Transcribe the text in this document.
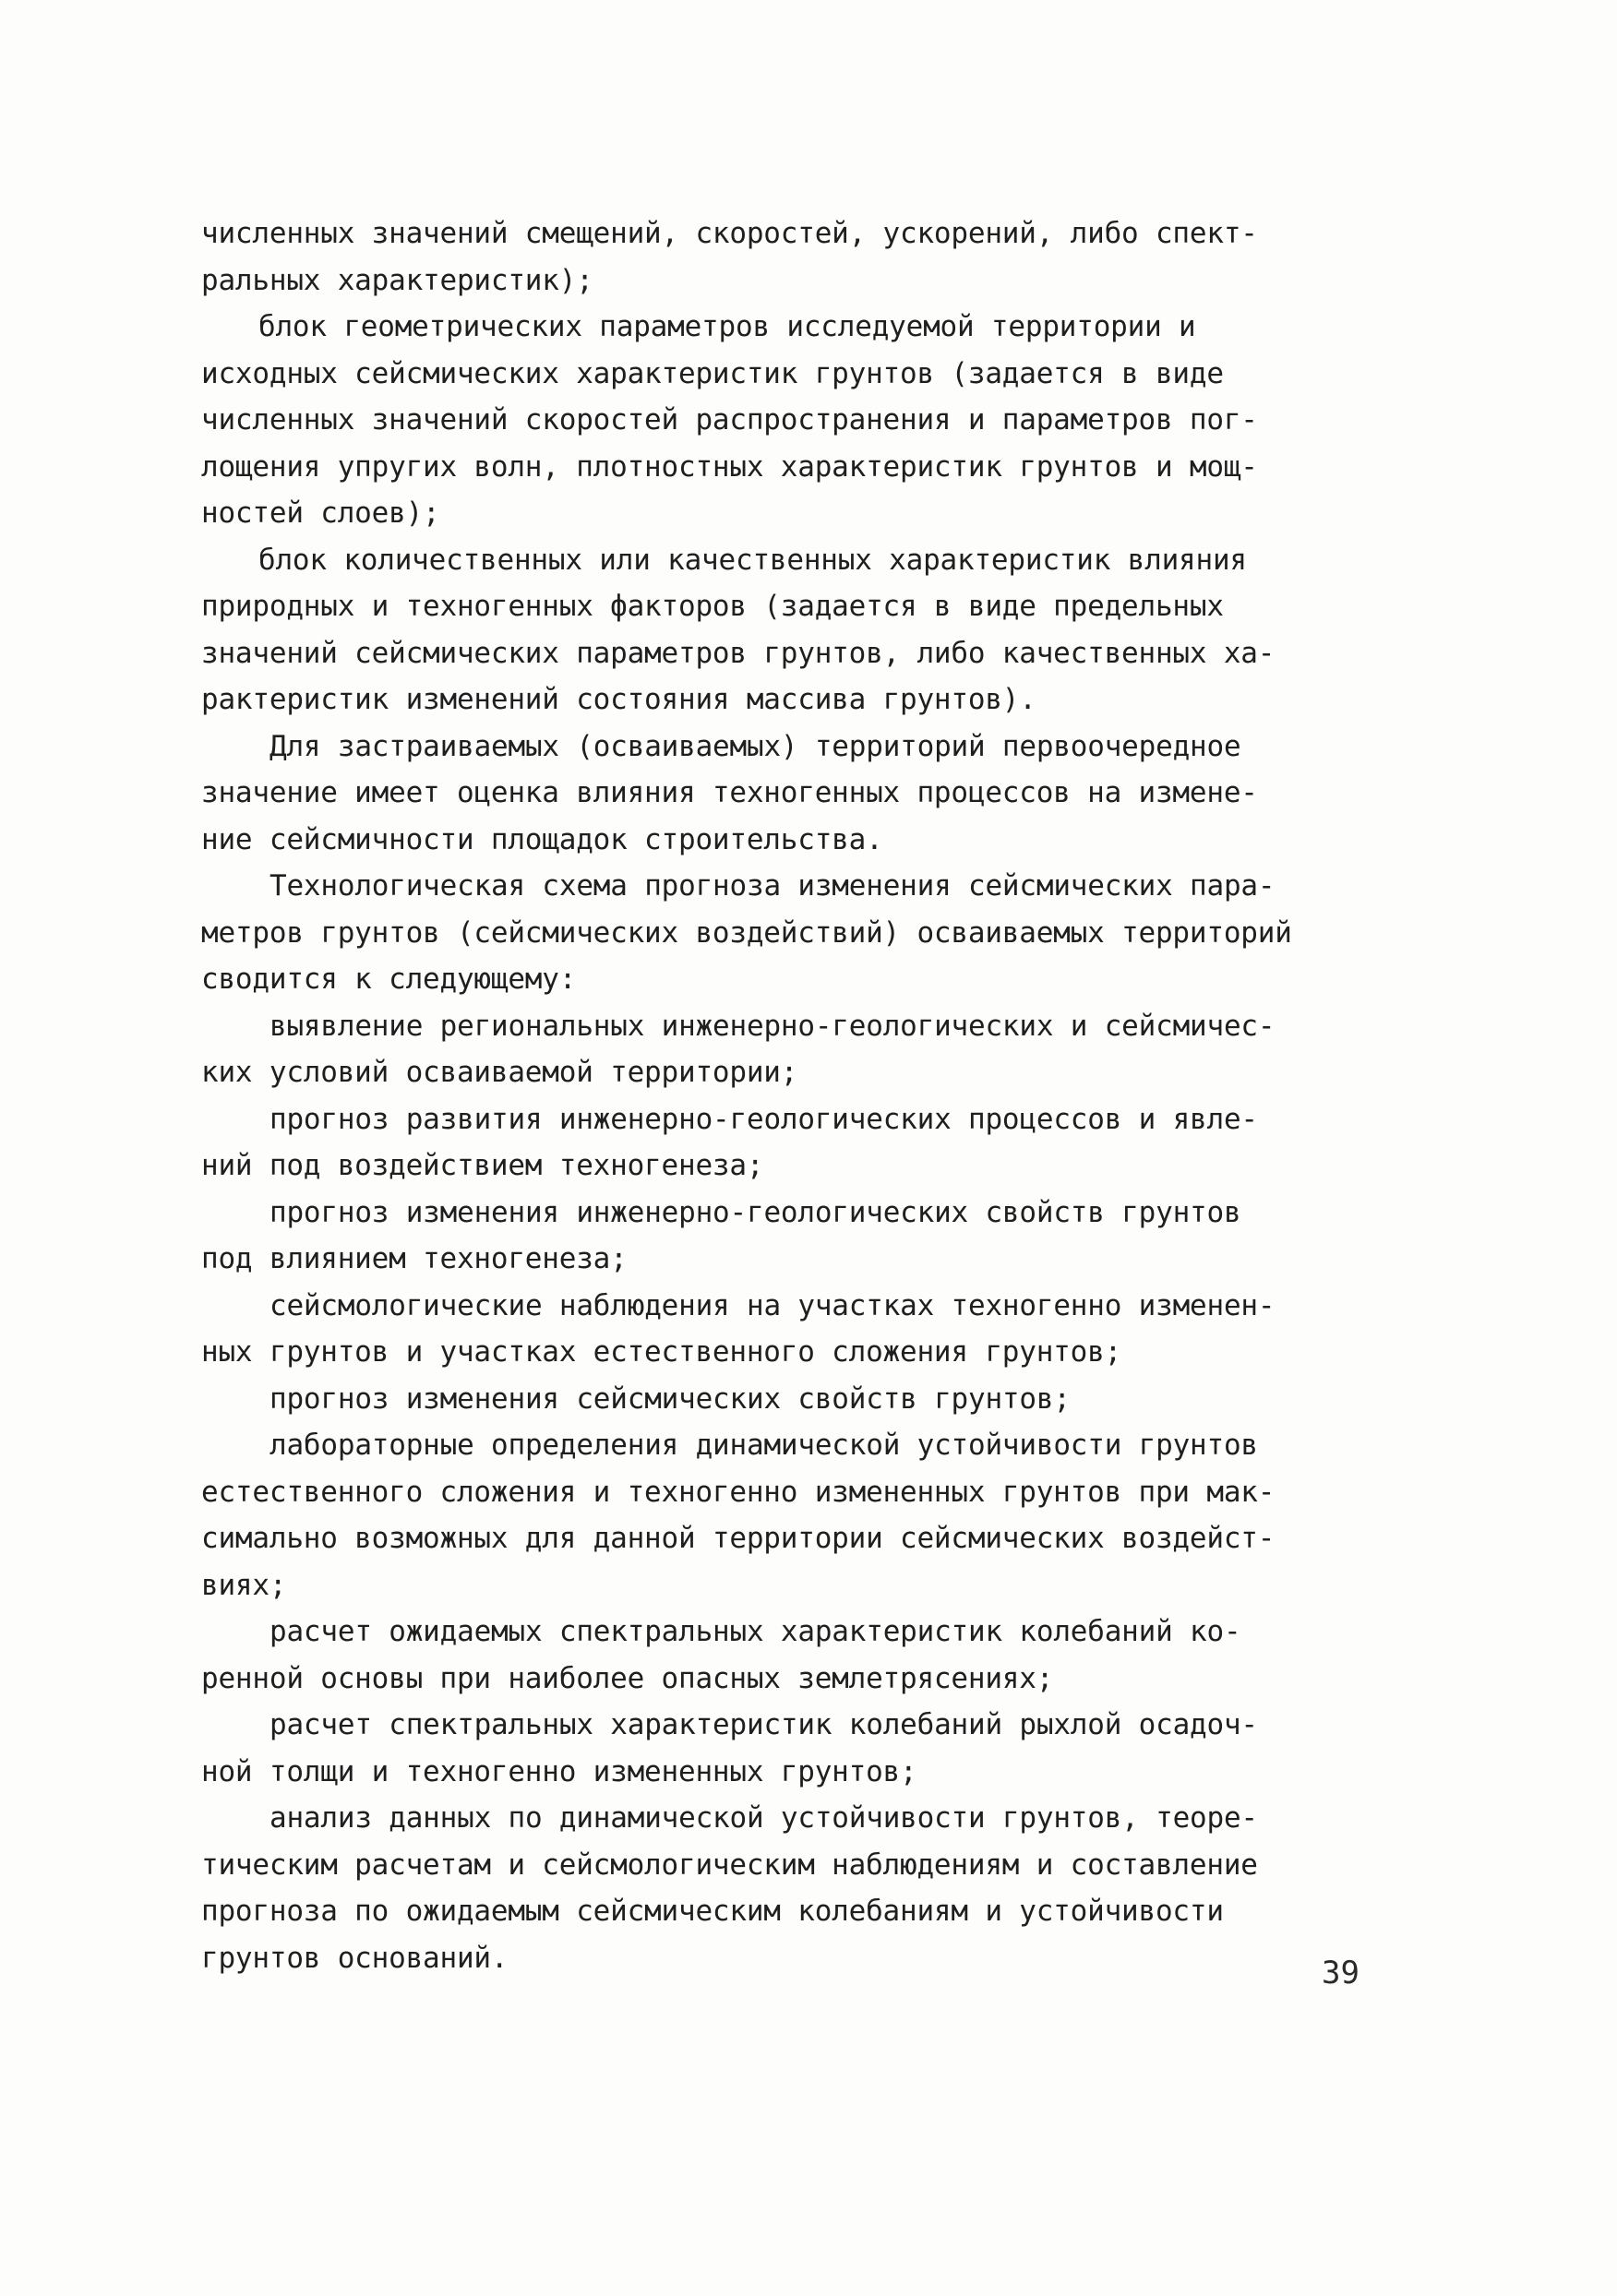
численных значений смещений, скоростей, ускорений, либо спект-
ральных характеристик);
блок геометрических параметров исследуемой территории и
исходных сейсмических характеристик грунтов (задается в виде
численных значений скоростей распространения и параметров пог-
лощения упругих волн, плотностных характеристик грунтов и мощ-
ностей слоев);
блок количественных или качественных характеристик влияния
природных и техногенных факторов (задается в виде предельных
значений сейсмических параметров грунтов, либо качественных ха-
рактеристик изменений состояния массива грунтов).
Для застраиваемых (осваиваемых) территорий первоочередное
значение имеет оценка влияния техногенных процессов на измене-
ние сейсмичности площадок строительства.
Технологическая схема прогноза изменения сейсмических пара-
метров грунтов (сейсмических воздействий) осваиваемых территорий
сводится к следующему:
выявление региональных инженерно-геологических и сейсмичес-
ких условий осваиваемой территории;
прогноз развития инженерно-геологических процессов и явле-
ний под воздействием техногенеза;
прогноз изменения инженерно-геологических свойств грунтов
под влиянием техногенеза;
сейсмологические наблюдения на участках техногенно изменен-
ных грунтов и участках естественного сложения грунтов;
прогноз изменения сейсмических свойств грунтов;
лабораторные определения динамической устойчивости грунтов
естественного сложения и техногенно измененных грунтов при мак-
симально возможных для данной территории сейсмических воздейст-
виях;
расчет ожидаемых спектральных характеристик колебаний ко-
ренной основы при наиболее опасных землетрясениях;
расчет спектральных характеристик колебаний рыхлой осадоч-
ной толщи и техногенно измененных грунтов;
анализ данных по динамической устойчивости грунтов, теоре-
тическим расчетам и сейсмологическим наблюдениям и составление
прогноза по ожидаемым сейсмическим колебаниям и устойчивости
грунтов оснований.	39
